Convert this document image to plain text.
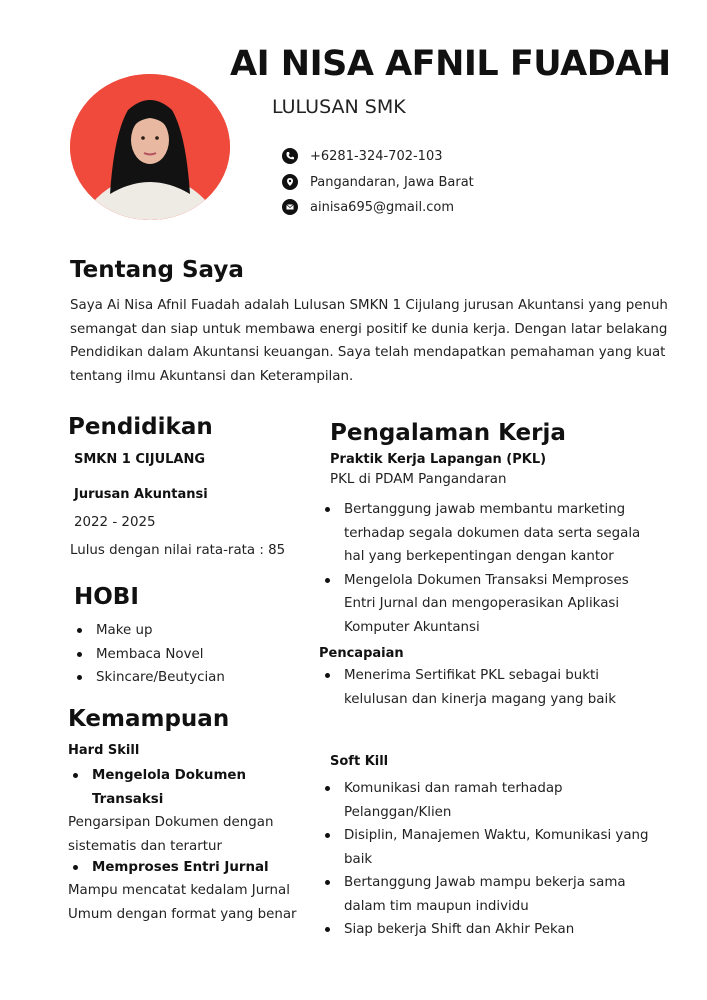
AI NISA AFNIL FUADAH
LULUSAN SMK
+6281-324-702-103
Pangandaran, Jawa Barat
ainisa695@gmail.com
Tentang Saya
Saya Ai Nisa Afnil Fuadah adalah Lulusan SMKN 1 Cijulang jurusan Akuntansi yang penuh semangat dan siap untuk membawa energi positif ke dunia kerja. Dengan latar belakang Pendidikan dalam Akuntansi keuangan. Saya telah mendapatkan pemahaman yang kuat tentang ilmu Akuntansi dan Keterampilan.
Pendidikan
SMKN 1 CIJULANG
Jurusan Akuntansi
2022 - 2025
Lulus dengan nilai rata-rata : 85
HOBI
Make up
Membaca Novel
Skincare/Beutycian
Kemampuan
Hard Skill
Mengelola Dokumen Transaksi
Pengarsipan Dokumen dengan sistematis dan terartur
Memproses Entri Jurnal
Mampu mencatat kedalam Jurnal Umum dengan format yang benar
Pengalaman Kerja
Praktik Kerja Lapangan (PKL)
PKL di PDAM Pangandaran
Bertanggung jawab membantu marketing terhadap segala dokumen data serta segala hal yang berkepentingan dengan kantor
Mengelola Dokumen Transaksi Memproses Entri Jurnal dan mengoperasikan Aplikasi Komputer Akuntansi
Pencapaian
Menerima Sertifikat PKL sebagai bukti kelulusan dan kinerja magang yang baik
Soft Kill
Komunikasi dan ramah terhadap Pelanggan/Klien
Disiplin, Manajemen Waktu, Komunikasi yang baik
Bertanggung Jawab mampu bekerja sama dalam tim maupun individu
Siap bekerja Shift dan Akhir Pekan
